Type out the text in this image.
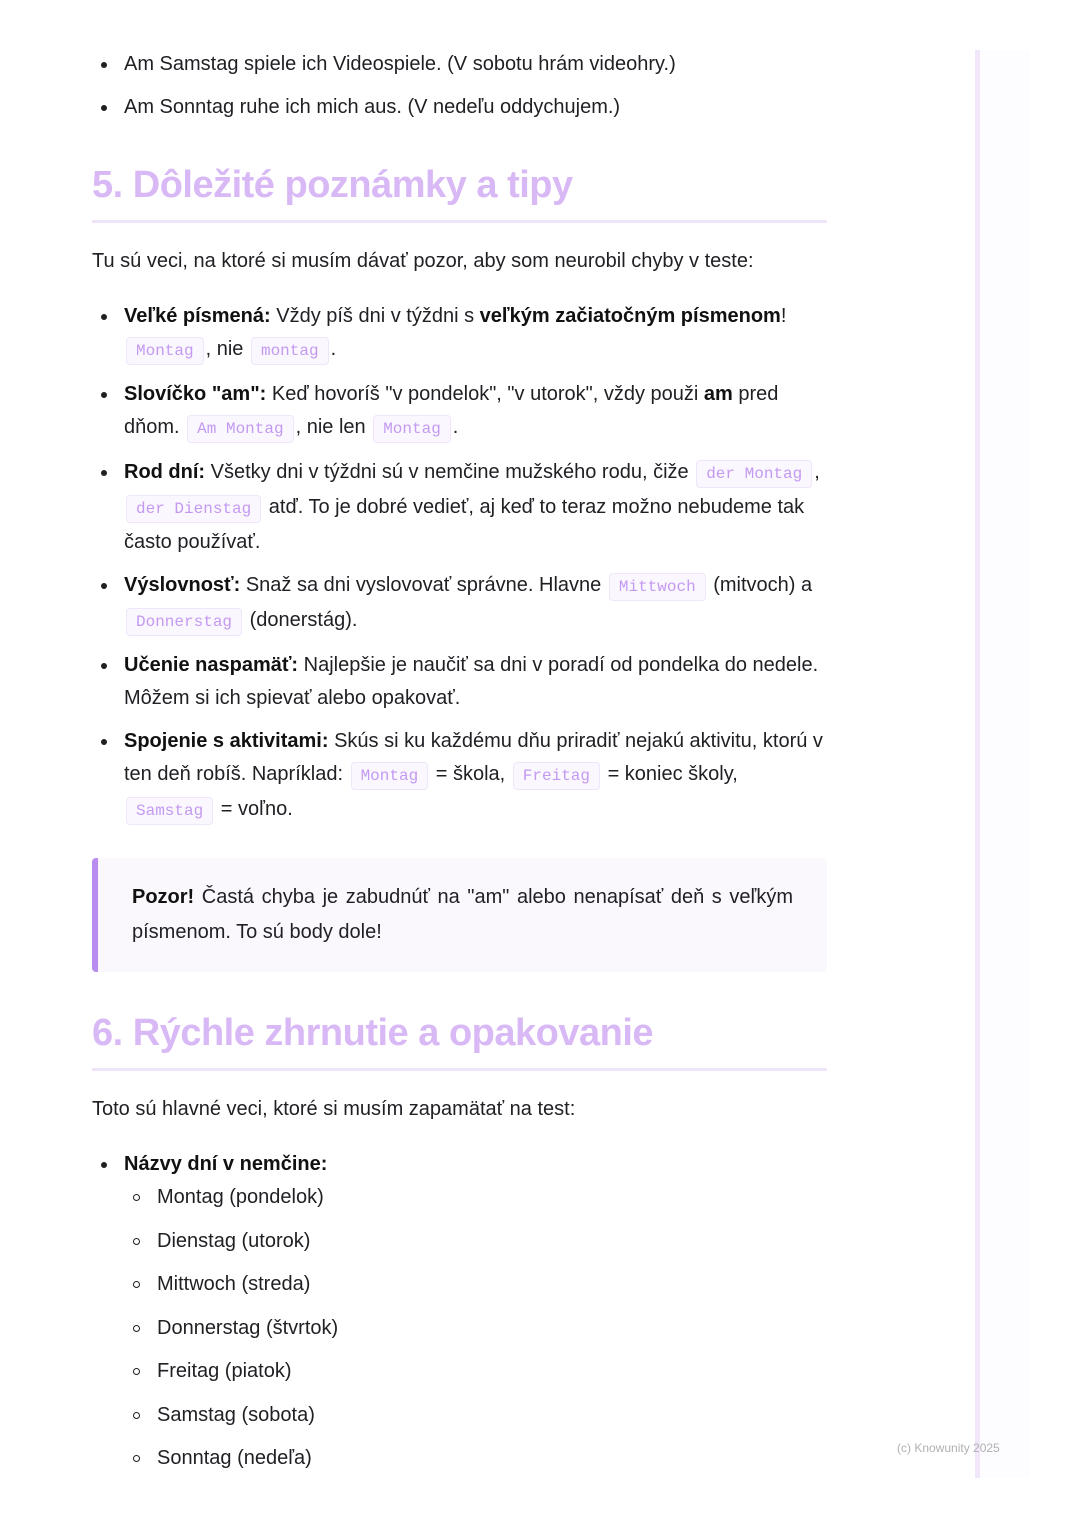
Am Samstag spiele ich Videospiele. (V sobotu hrám videohry.)
Am Sonntag ruhe ich mich aus. (V nedeľu oddychujem.)
5. Dôležité poznámky a tipy

Tu sú veci, na ktoré si musím dávať pozor, aby som neurobil chyby v teste:

Veľké písmená: Vždy píš dni v týždni s veľkým začiatočným písmenom! Montag , nie montag .
Slovíčko "am": Keď hovoríš "v pondelok", "v utorok", vždy použi am pred dňom. Am Montag , nie len Montag .
Rod dní: Všetky dni v týždni sú v nemčine mužského rodu, čiže der Montag , der Dienstag atď. To je dobré vedieť, aj keď to teraz možno nebudeme tak často používať.
Výslovnosť: Snaž sa dni vyslovovať správne. Hlavne Mittwoch (mitvoch) a Donnerstag (donerstág).
Učenie naspamäť: Najlepšie je naučiť sa dni v poradí od pondelka do nedele. Môžem si ich spievať alebo opakovať.
Spojenie s aktivitami: Skús si ku každému dňu priradiť nejakú aktivitu, ktorú v ten deň robíš. Napríklad: Montag = škola, Freitag = koniec školy, Samstag = voľno.
Pozor! Častá chyba je zabudnúť na "am" alebo nenapísať deň s veľkým písmenom. To sú body dole!
6. Rýchle zhrnutie a opakovanie

Toto sú hlavné veci, ktoré si musím zapamätať na test:

Názvy dní v nemčine:
Montag (pondelok)
Dienstag (utorok)
Mittwoch (streda)
Donnerstag (štvrtok)
Freitag (piatok)
Samstag (sobota)
Sonntag (nedeľa)	(c) Knowunity 2025
